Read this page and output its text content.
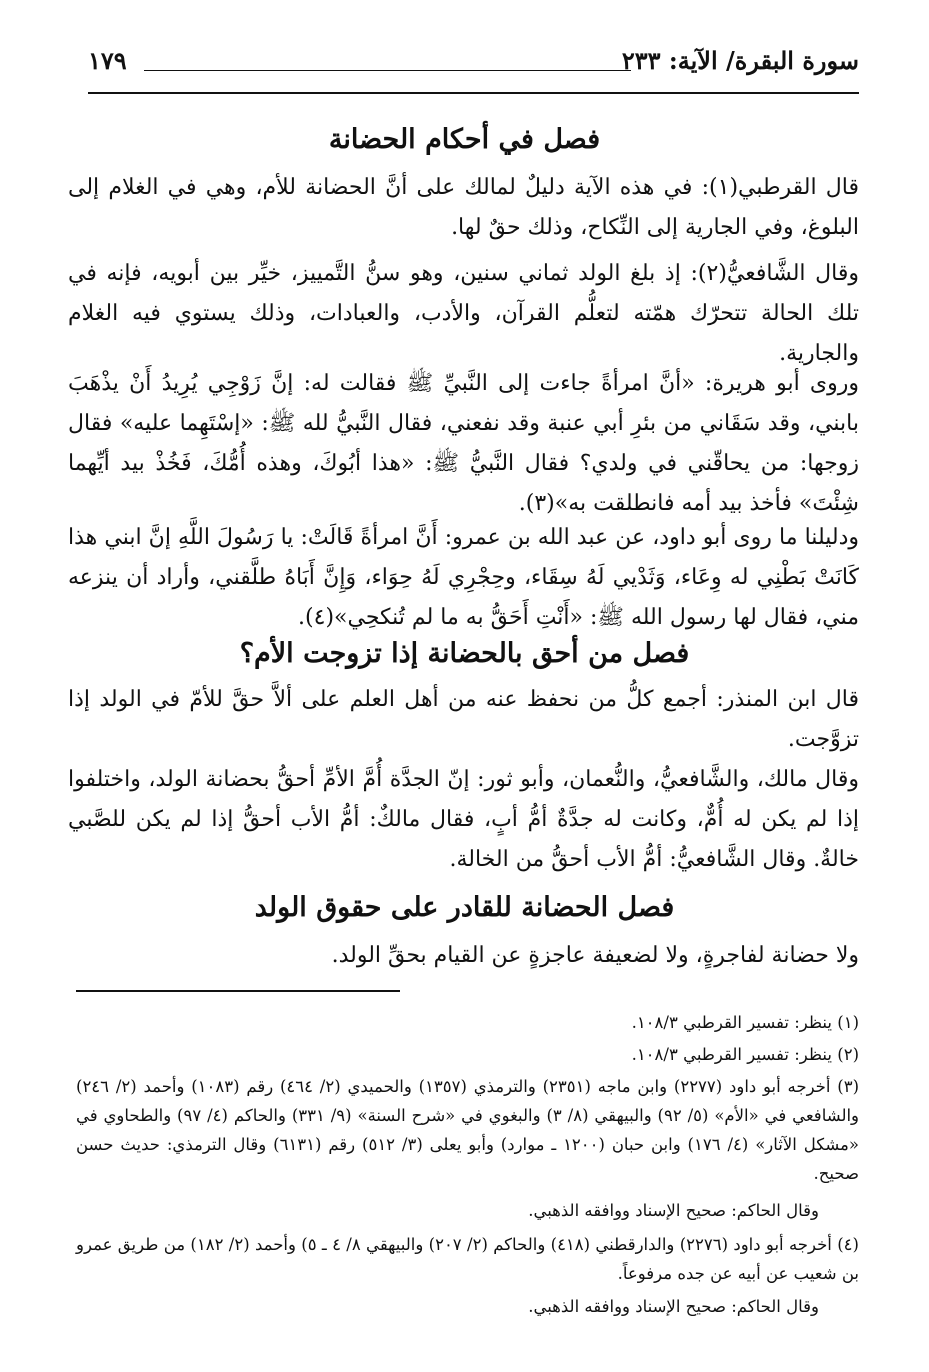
سورة البقرة/ الآية: ٢٣٣
١٧٩
فصل في أحكام الحضانة
قال القرطبي(١): في هذه الآية دليلٌ لمالك على أنَّ الحضانة للأم، وهي في الغلام إلى البلوغ، وفي الجارية إلى النِّكاح، وذلك حقٌ لها.
وقال الشَّافعيُّ(٢): إذ بلغ الولد ثماني سنين، وهو سنُّ التَّمييز، خيِّر بين أبويه، فإنه في تلك الحالة تتحرّك همّته لتعلُّم القرآن، والأدب، والعبادات، وذلك يستوي فيه الغلام والجارية.
وروى أبو هريرة: «أنَّ امرأةً جاءت إلى النَّبيِّ ﷺ فقالت له: إنَّ زَوْجِي يُرِيدُ أَنْ يذْهَبَ بابني، وقد سَقَاني من بئرِ أبي عنبة وقد نفعني، فقال النَّبيُّ لله ﷺ: «إسْتَهِما عليه» فقال زوجها: من يحاقّني في ولدي؟ فقال النَّبيُّ ﷺ: «هذا أبُوكَ، وهذه أُمُّكَ، فَخُذْ بيد أيِّهما شِئْتَ» فأخذ بيد أمه فانطلقت به»(٣).
ودليلنا ما روى أبو داود، عن عبد الله بن عمرو: أَنَّ امرأةً قَالَتْ: يا رَسُولَ اللَّهِ إنَّ ابني هذا كَانَتْ بَطْنِي له وِعَاء، وَثَدْيي لَهُ سِقَاء، وحِجْرِي لَهُ حِوَاء، وَإِنَّ أَبَاهُ طلَّقني، وأراد أن ينزعه مني، فقال لها رسول الله ﷺ: «أَنْتِ أَحَقُّ به ما لم تُنكحِي»(٤).
فصل من أحق بالحضانة إذا تزوجت الأم؟
قال ابن المنذر: أجمع كلُّ من نحفظ عنه من أهل العلم على ألاَّ حقَّ للأمّ في الولد إذا تزوَّجت.
وقال مالك، والشَّافعيُّ، والنُّعمان، وأبو ثور: إنّ الجدَّة أُمَّ الأمِّ أحقُّ بحضانة الولد، واختلفوا إذا لم يكن له أُمٌّ، وكانت له جدَّةٌ أمُّ أبٍ، فقال مالكٌ: أمُّ الأب أحقُّ إذا لم يكن للصَّبي خالةٌ. وقال الشَّافعيُّ: أمُّ الأب أحقُّ من الخالة.
فصل الحضانة للقادر على حقوق الولد
ولا حضانة لفاجرةٍ، ولا لضعيفة عاجزةٍ عن القيام بحقِّ الولد.
(١) ينظر: تفسير القرطبي ١٠٨/٣.
(٢) ينظر: تفسير القرطبي ١٠٨/٣.
(٣) أخرجه أبو داود (٢٢٧٧) وابن ماجه (٢٣٥١) والترمذي (١٣٥٧) والحميدي (٢/ ٤٦٤) رقم (١٠٨٣) وأحمد (٢/ ٢٤٦) والشافعي في «الأم» (٥/ ٩٢) والبيهقي (٨/ ٣) والبغوي في «شرح السنة» (٩/ ٣٣١) والحاكم (٤/ ٩٧) والطحاوي في «مشكل الآثار» (٤/ ١٧٦) وابن حبان (١٢٠٠ ـ موارد) وأبو يعلى (٣/ ٥١٢) رقم (٦١٣١) وقال الترمذي: حديث حسن صحيح.
وقال الحاكم: صحيح الإسناد ووافقه الذهبي.
(٤) أخرجه أبو داود (٢٢٧٦) والدارقطني (٤١٨) والحاكم (٢/ ٢٠٧) والبيهقي ٨/ ٤ ـ ٥) وأحمد (٢/ ١٨٢) من طريق عمرو بن شعيب عن أبيه عن جده مرفوعاً.
وقال الحاكم: صحيح الإسناد ووافقه الذهبي.
